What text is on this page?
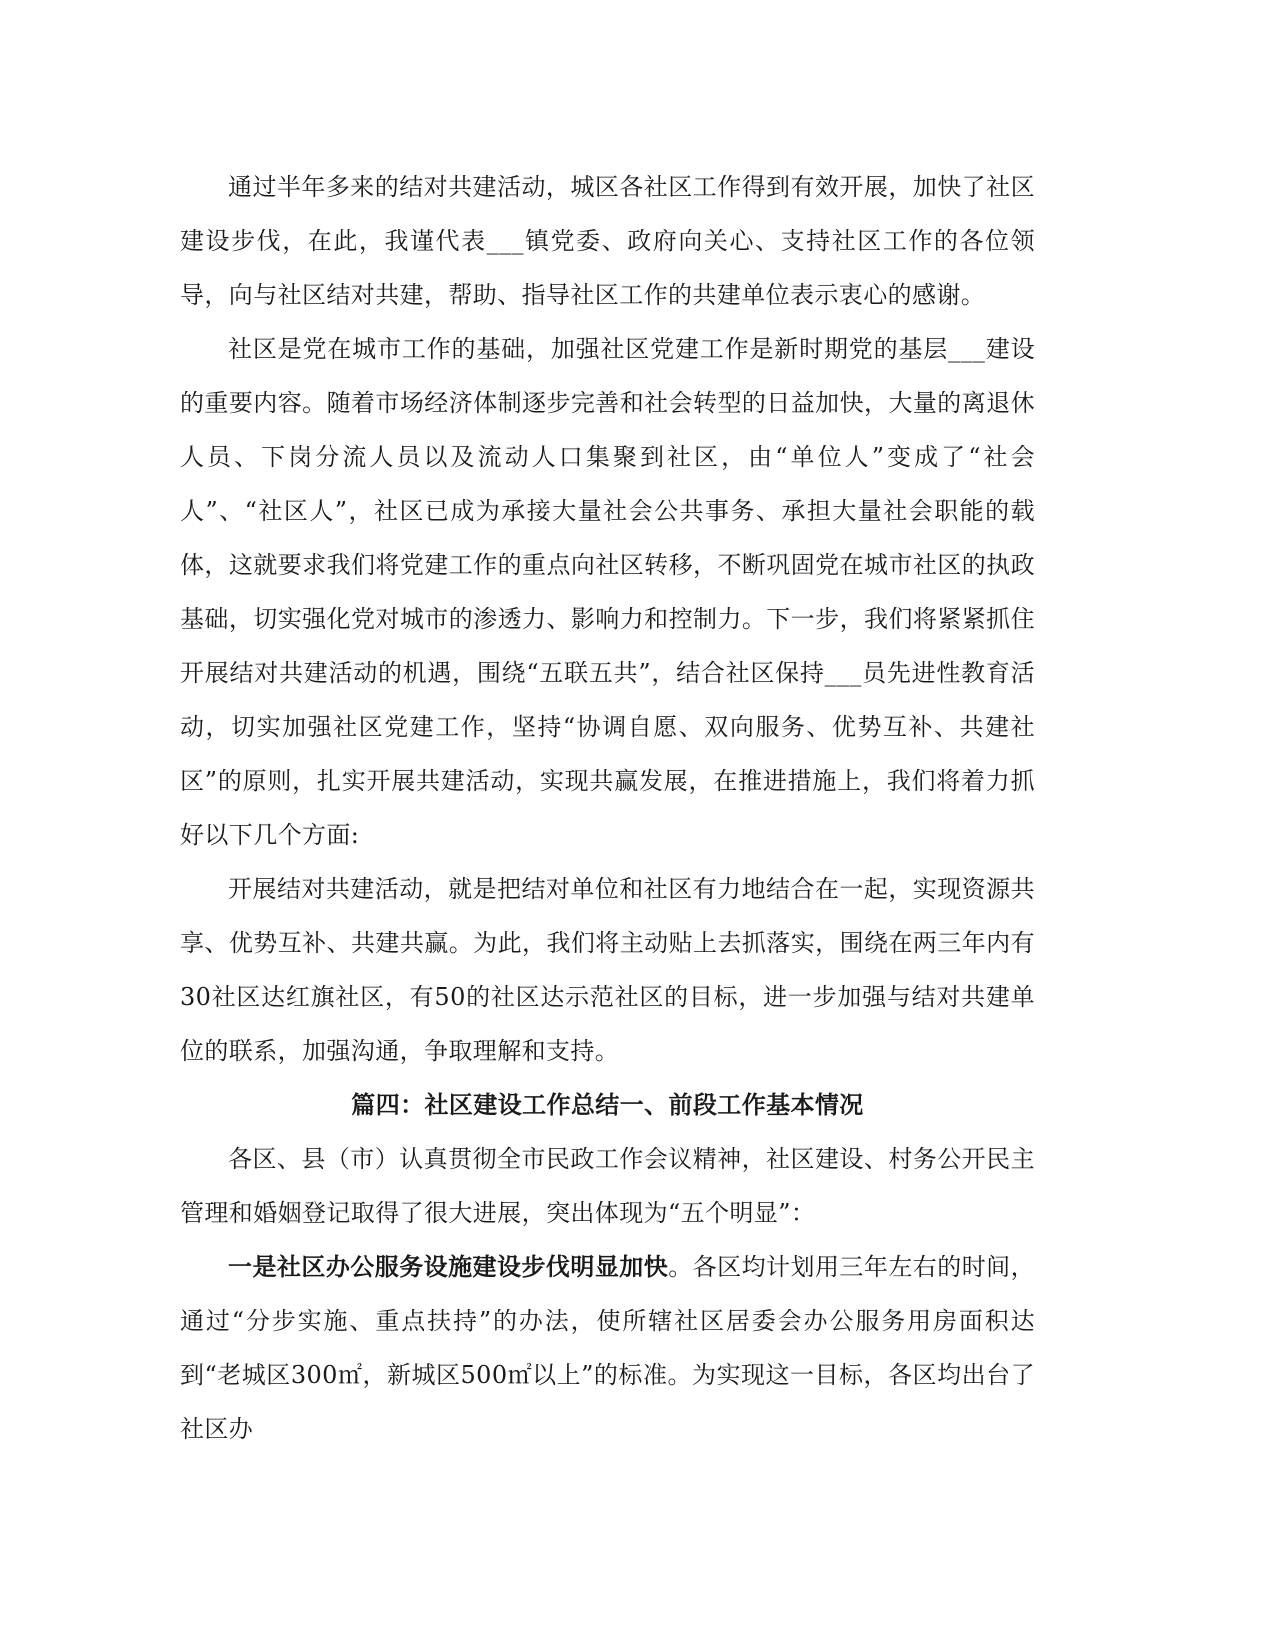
通过半年多来的结对共建活动，城区各社区工作得到有效开展，加快了社区建设步伐，在此，我谨代表___镇党委、政府向关心、支持社区工作的各位领导，向与社区结对共建，帮助、指导社区工作的共建单位表示衷心的感谢。

社区是党在城市工作的基础，加强社区党建工作是新时期党的基层___建设的重要内容。随着市场经济体制逐步完善和社会转型的日益加快，大量的离退休人员、下岗分流人员以及流动人口集聚到社区，由“单位人”变成了“社会人”、“社区人”，社区已成为承接大量社会公共事务、承担大量社会职能的载体，这就要求我们将党建工作的重点向社区转移，不断巩固党在城市社区的执政基础，切实强化党对城市的渗透力、影响力和控制力。下一步，我们将紧紧抓住开展结对共建活动的机遇，围绕“五联五共”，结合社区保持___员先进性教育活动，切实加强社区党建工作，坚持“协调自愿、双向服务、优势互补、共建社区”的原则，扎实开展共建活动，实现共赢发展，在推进措施上，我们将着力抓好以下几个方面:

开展结对共建活动，就是把结对单位和社区有力地结合在一起，实现资源共享、优势互补、共建共赢。为此，我们将主动贴上去抓落实，围绕在两三年内有30社区达红旗社区，有50的社区达示范社区的目标，进一步加强与结对共建单位的联系，加强沟通，争取理解和支持。

篇四：社区建设工作总结一、前段工作基本情况

各区、县（市）认真贯彻全市民政工作会议精神，社区建设、村务公开民主管理和婚姻登记取得了很大进展，突出体现为“五个明显”：

一是社区办公服务设施建设步伐明显加快。各区均计划用三年左右的时间，通过“分步实施、重点扶持”的办法，使所辖社区居委会办公服务用房面积达到“老城区300㎡，新城区500㎡以上”的标准。为实现这一目标，各区均出台了社区办
